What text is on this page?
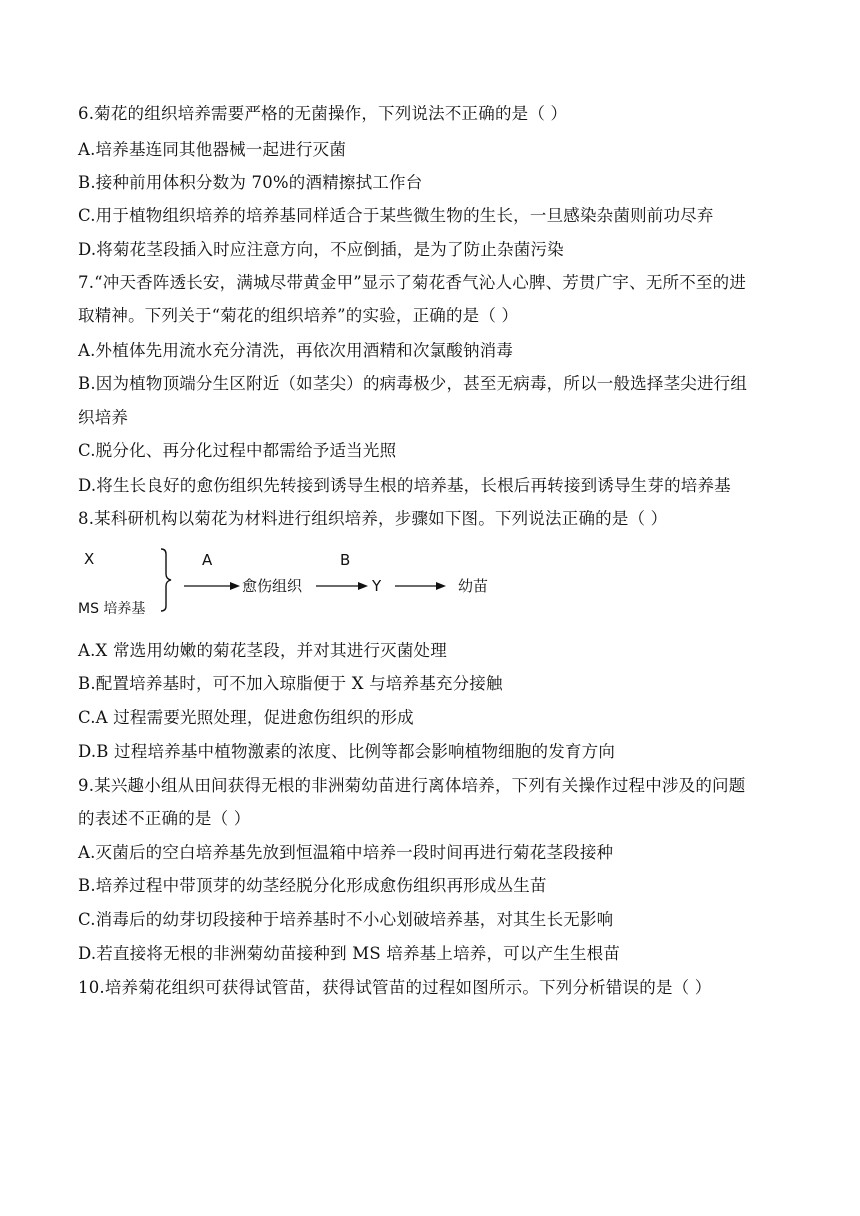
6.菊花的组织培养需要严格的无菌操作，下列说法不正确的是（ ）
A.培养基连同其他器械一起进行灭菌
B.接种前用体积分数为 70%的酒精擦拭工作台
C.用于植物组织培养的培养基同样适合于某些微生物的生长，一旦感染杂菌则前功尽弃
D.将菊花茎段插入时应注意方向，不应倒插，是为了防止杂菌污染
7.“冲天香阵透长安，满城尽带黄金甲”显示了菊花香气沁人心脾、芳贯广宇、无所不至的进
取精神。下列关于“菊花的组织培养”的实验，正确的是（ ）
A.外植体先用流水充分清洗，再依次用酒精和次氯酸钠消毒
B.因为植物顶端分生区附近（如茎尖）的病毒极少，甚至无病毒，所以一般选择茎尖进行组
织培养
C.脱分化、再分化过程中都需给予适当光照
D.将生长良好的愈伤组织先转接到诱导生根的培养基，长根后再转接到诱导生芽的培养基
8.某科研机构以菊花为材料进行组织培养，步骤如下图。下列说法正确的是（ ）
X
MS 培养基
A
愈伤组织
B
Y	幼苗
A.X 常选用幼嫩的菊花茎段，并对其进行灭菌处理
B.配置培养基时，可不加入琼脂便于 X 与培养基充分接触
C.A 过程需要光照处理，促进愈伤组织的形成
D.B 过程培养基中植物激素的浓度、比例等都会影响植物细胞的发育方向
9.某兴趣小组从田间获得无根的非洲菊幼苗进行离体培养，下列有关操作过程中涉及的问题
的表述不正确的是（ ）
A.灭菌后的空白培养基先放到恒温箱中培养一段时间再进行菊花茎段接种
B.培养过程中带顶芽的幼茎经脱分化形成愈伤组织再形成丛生苗
C.消毒后的幼芽切段接种于培养基时不小心划破培养基，对其生长无影响
D.若直接将无根的非洲菊幼苗接种到 MS 培养基上培养，可以产生生根苗
10.培养菊花组织可获得试管苗，获得试管苗的过程如图所示。下列分析错误的是（ ）
